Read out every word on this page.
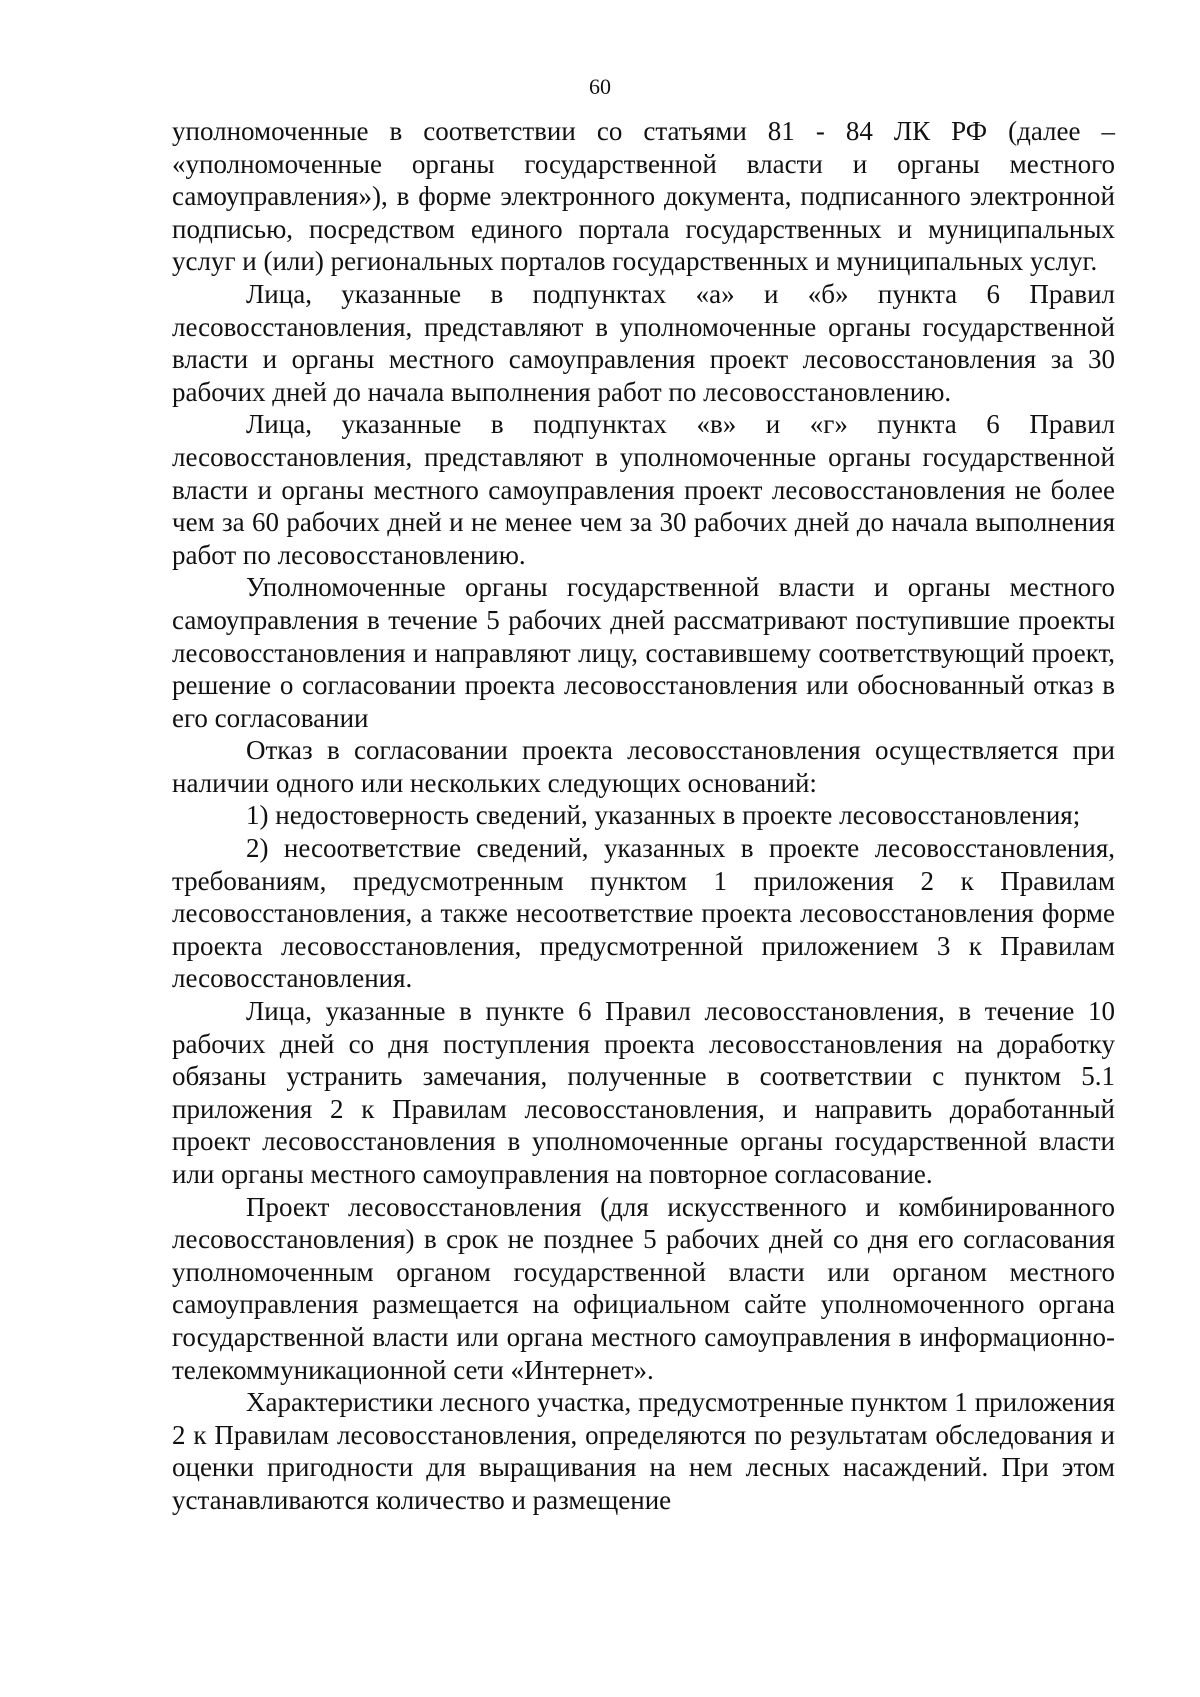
60

уполномоченные в соответствии со статьями 81 - 84 ЛК РФ (далее – «уполномоченные органы государственной власти и органы местного самоуправления»), в форме электронного документа, подписанного электронной подписью, посредством единого портала государственных и муниципальных услуг и (или) региональных порталов государственных и муниципальных услуг.

Лица, указанные в подпунктах «а» и «б» пункта 6 Правил лесовосстановления, представляют в уполномоченные органы государственной власти и органы местного самоуправления проект лесовосстановления за 30 рабочих дней до начала выполнения работ по лесовосстановлению.

Лица, указанные в подпунктах «в» и «г» пункта 6 Правил лесовосстановления, представляют в уполномоченные органы государственной власти и органы местного самоуправления проект лесовосстановления не более чем за 60 рабочих дней и не менее чем за 30 рабочих дней до начала выполнения работ по лесовосстановлению.

Уполномоченные органы государственной власти и органы местного самоуправления в течение 5 рабочих дней рассматривают поступившие проекты лесовосстановления и направляют лицу, составившему соответствующий проект, решение о согласовании проекта лесовосстановления или обоснованный отказ в его согласовании

Отказ в согласовании проекта лесовосстановления осуществляется при наличии одного или нескольких следующих оснований:

1) недостоверность сведений, указанных в проекте лесовосстановления;

2) несоответствие сведений, указанных в проекте лесовосстановления, требованиям, предусмотренным пунктом 1 приложения 2 к Правилам лесовосстановления, а также несоответствие проекта лесовосстановления форме проекта лесовосстановления, предусмотренной приложением 3 к Правилам лесовосстановления.

Лица, указанные в пункте 6 Правил лесовосстановления, в течение 10 рабочих дней со дня поступления проекта лесовосстановления на доработку обязаны устранить замечания, полученные в соответствии с пунктом 5.1 приложения 2 к Правилам лесовосстановления, и направить доработанный проект лесовосстановления в уполномоченные органы государственной власти или органы местного самоуправления на повторное согласование.

Проект лесовосстановления (для искусственного и комбинированного лесовосстановления) в срок не позднее 5 рабочих дней со дня его согласования уполномоченным органом государственной власти или органом местного самоуправления размещается на официальном сайте уполномоченного органа государственной власти или органа местного самоуправления в информационно-телекоммуникационной сети «Интернет».

Характеристики лесного участка, предусмотренные пунктом 1 приложения 2 к Правилам лесовосстановления, определяются по результатам обследования и оценки пригодности для выращивания на нем лесных насаждений. При этом устанавливаются количество и размещение
